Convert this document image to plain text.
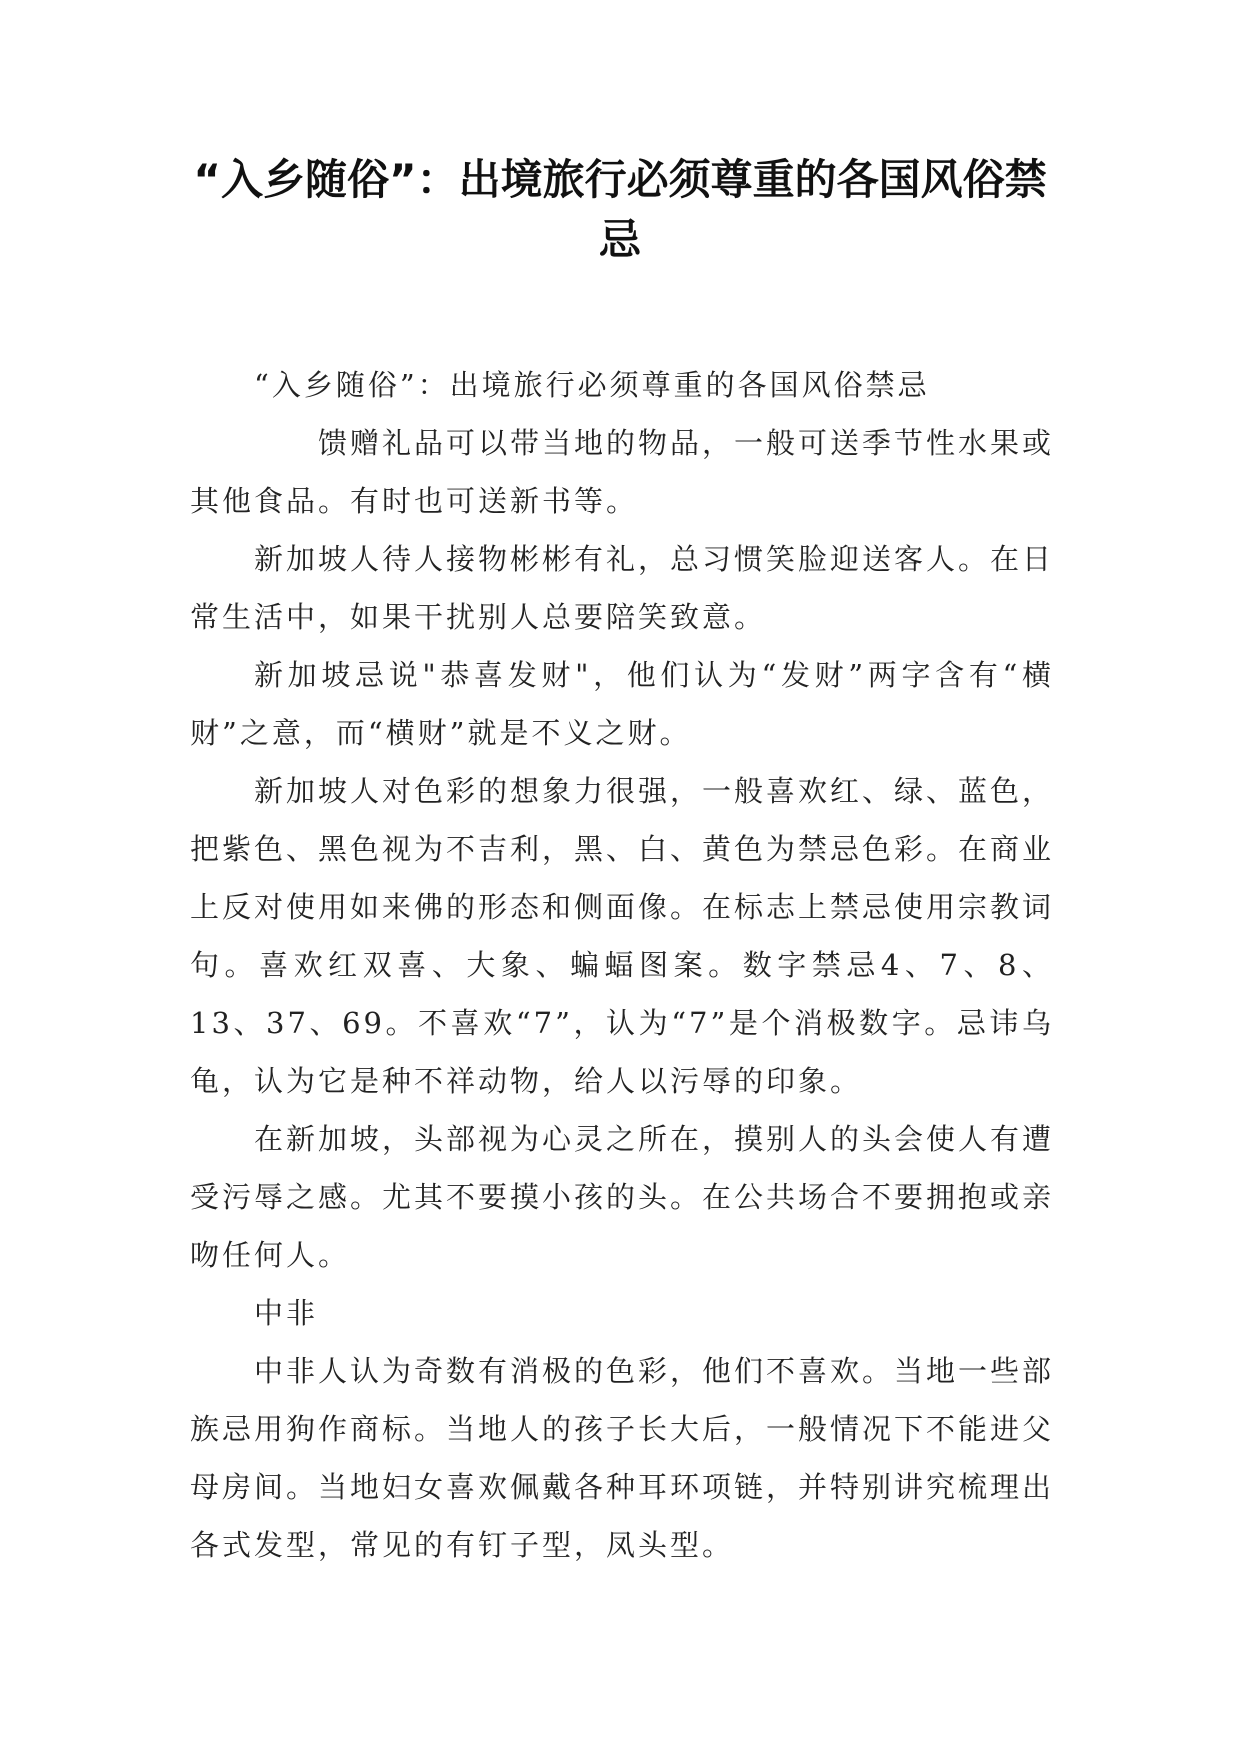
“入乡随俗”：出境旅行必须尊重的各国风俗禁忌

“入乡随俗”：出境旅行必须尊重的各国风俗禁忌

馈赠礼品可以带当地的物品，一般可送季节性水果或其他食品。有时也可送新书等。

新加坡人待人接物彬彬有礼，总习惯笑脸迎送客人。在日常生活中，如果干扰别人总要陪笑致意。

新加坡忌说"恭喜发财"，他们认为“发财”两字含有“横财”之意，而“横财”就是不义之财。

新加坡人对色彩的想象力很强，一般喜欢红、绿、蓝色，把紫色、黑色视为不吉利，黑、白、黄色为禁忌色彩。在商业上反对使用如来佛的形态和侧面像。在标志上禁忌使用宗教词句。喜欢红双喜、大象、蝙蝠图案。数字禁忌4、7、8、13、37、69。不喜欢“7”，认为“7”是个消极数字。忌讳乌龟，认为它是种不祥动物，给人以污辱的印象。

在新加坡，头部视为心灵之所在，摸别人的头会使人有遭受污辱之感。尤其不要摸小孩的头。在公共场合不要拥抱或亲吻任何人。

中非

中非人认为奇数有消极的色彩，他们不喜欢。当地一些部族忌用狗作商标。当地人的孩子长大后，一般情况下不能进父母房间。当地妇女喜欢佩戴各种耳环项链，并特别讲究梳理出各式发型，常见的有钉子型，凤头型。
